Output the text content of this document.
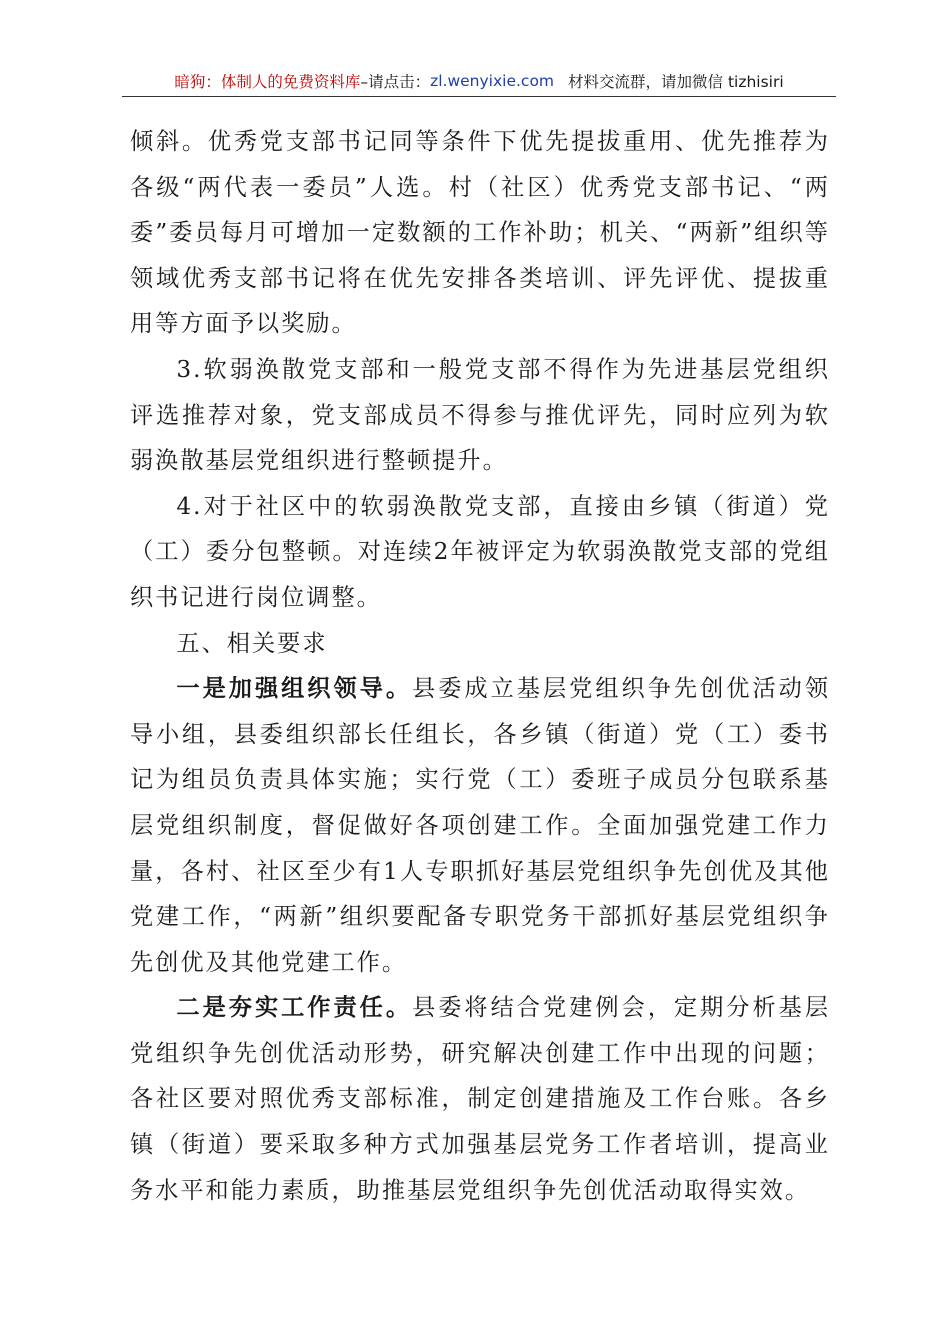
暗狗：体制人的免费资料库 –请点击： zl.wenyixie.com 材料交流群，请加微信 tizhisiri

倾斜。优秀党支部书记同等条件下优先提拔重用、优先推荐为各级“两代表一委员”人选。村（社区）优秀党支部书记、“两委”委员每月可增加一定数额的工作补助；机关、“两新”组织等领域优秀支部书记将在优先安排各类培训、评先评优、提拔重用等方面予以奖励。

3.软弱涣散党支部和一般党支部不得作为先进基层党组织评选推荐对象，党支部成员不得参与推优评先，同时应列为软弱涣散基层党组织进行整顿提升。

4.对于社区中的软弱涣散党支部，直接由乡镇（街道）党（工）委分包整顿。对连续2年被评定为软弱涣散党支部的党组织书记进行岗位调整。

五、相关要求

一是加强组织领导。县委成立基层党组织争先创优活动领导小组，县委组织部长任组长，各乡镇（街道）党（工）委书记为组员负责具体实施；实行党（工）委班子成员分包联系基层党组织制度，督促做好各项创建工作。全面加强党建工作力量，各村、社区至少有1人专职抓好基层党组织争先创优及其他党建工作，“两新”组织要配备专职党务干部抓好基层党组织争先创优及其他党建工作。

二是夯实工作责任。县委将结合党建例会，定期分析基层党组织争先创优活动形势，研究解决创建工作中出现的问题；各社区要对照优秀支部标准，制定创建措施及工作台账。各乡镇（街道）要采取多种方式加强基层党务工作者培训，提高业务水平和能力素质，助推基层党组织争先创优活动取得实效。
